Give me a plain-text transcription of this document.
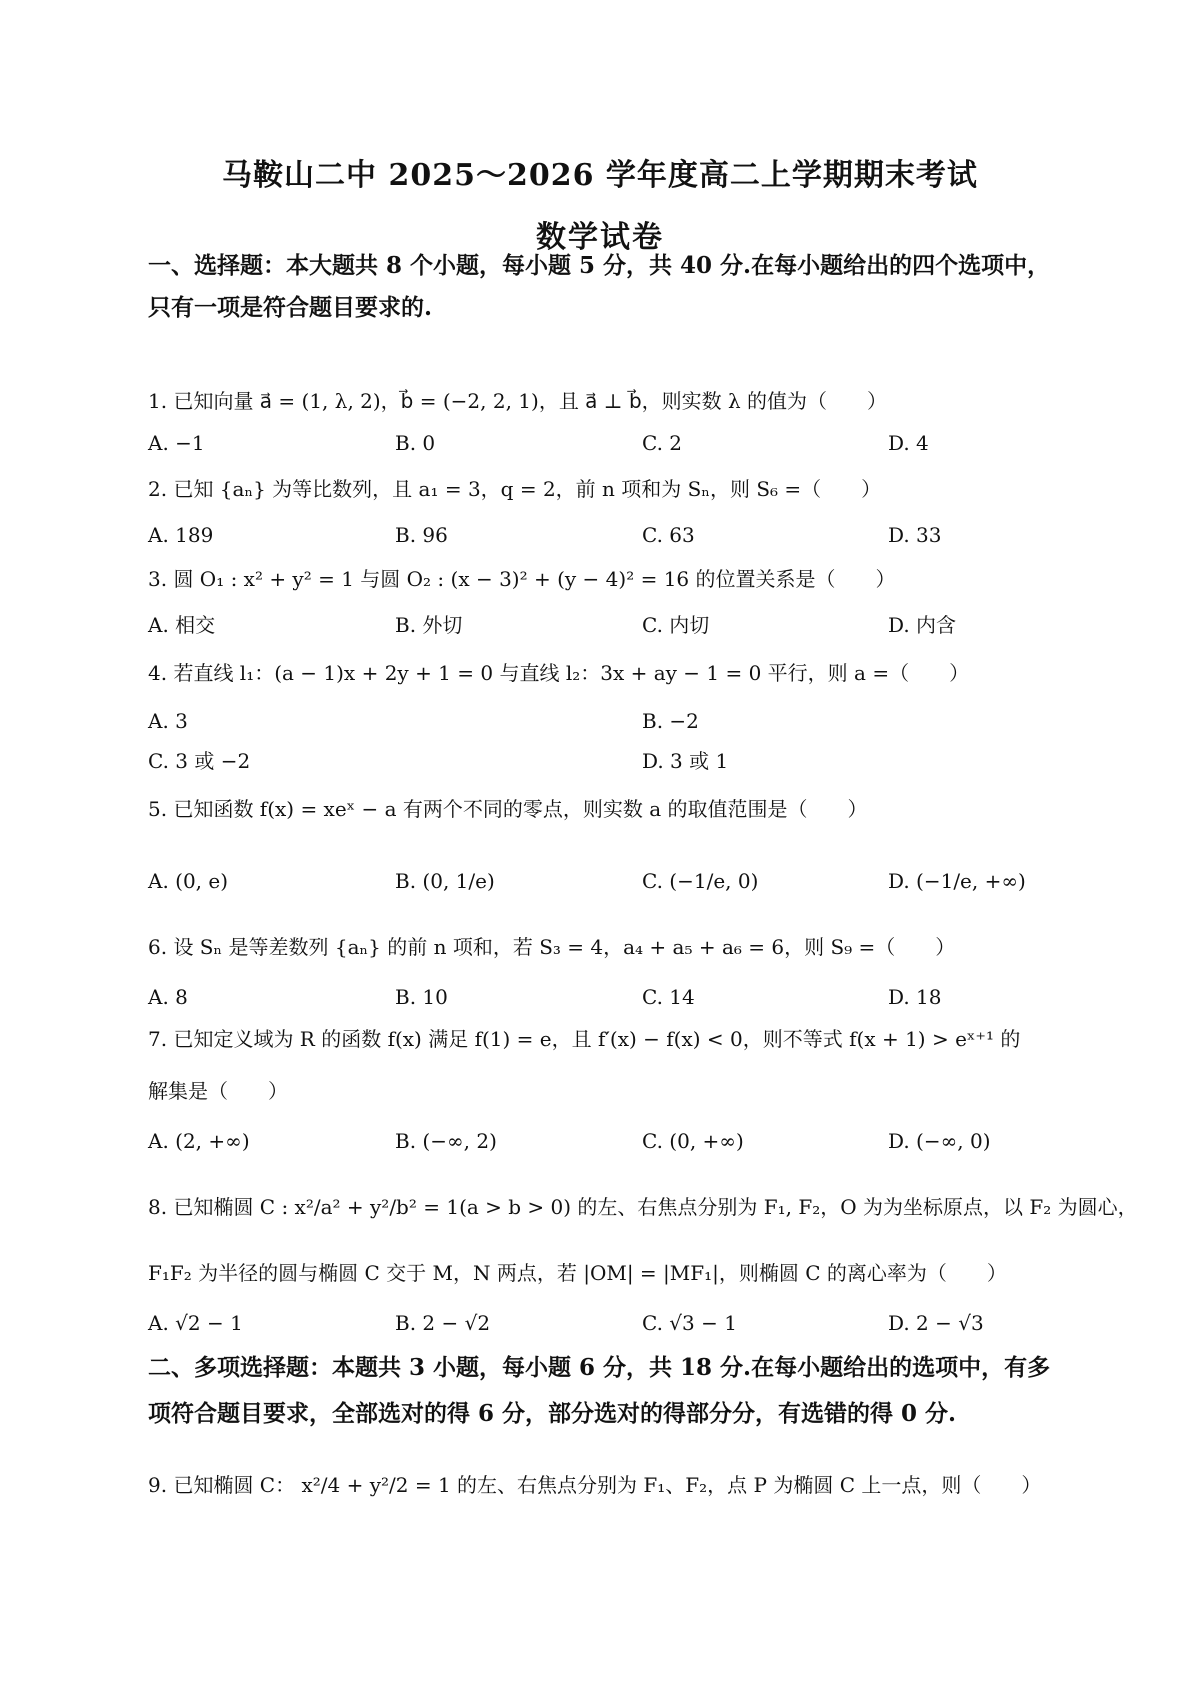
马鞍山二中 2025～2026 学年度高二上学期期末考试
数学试卷
一、选择题：本大题共 8 个小题，每小题 5 分，共 40 分.在每小题给出的四个选项中，
只有一项是符合题目要求的.
1. 已知向量 a⃗ = (1, λ, 2)，b⃗ = (−2, 2, 1)，且 a⃗ ⊥ b⃗，则实数 λ 的值为（　　）
A. −1	B. 0	C. 2	D. 4
2. 已知 {aₙ} 为等比数列，且 a₁ = 3，q = 2，前 n 项和为 Sₙ，则 S₆ =（　　）
A. 189	B. 96	C. 63	D. 33
3. 圆 O₁ : x² + y² = 1 与圆 O₂ : (x − 3)² + (y − 4)² = 16 的位置关系是（　　）
A. 相交	B. 外切	C. 内切	D. 内含
4. 若直线 l₁：(a − 1)x + 2y + 1 = 0 与直线 l₂：3x + ay − 1 = 0 平行，则 a =（　　）
A. 3	B. −2
C. 3 或 −2	D. 3 或 1
5. 已知函数 f(x) = xeˣ − a 有两个不同的零点，则实数 a 的取值范围是（　　）
A. (0, e)	B. (0, 1/e)	C. (−1/e, 0)	D. (−1/e, +∞)
6. 设 Sₙ 是等差数列 {aₙ} 的前 n 项和，若 S₃ = 4，a₄ + a₅ + a₆ = 6，则 S₉ =（　　）
A. 8	B. 10	C. 14	D. 18
7. 已知定义域为 R 的函数 f(x) 满足 f(1) = e，且 f′(x) − f(x) < 0，则不等式 f(x + 1) > eˣ⁺¹ 的
解集是（　　）
A. (2, +∞)	B. (−∞, 2)	C. (0, +∞)	D. (−∞, 0)
8. 已知椭圆 C : x²/a² + y²/b² = 1(a > b > 0) 的左、右焦点分别为 F₁, F₂，O 为为坐标原点，以 F₂ 为圆心，
F₁F₂ 为半径的圆与椭圆 C 交于 M，N 两点，若 |OM| = |MF₁|，则椭圆 C 的离心率为（　　）
A. √2 − 1	B. 2 − √2	C. √3 − 1	D. 2 − √3
二、多项选择题：本题共 3 小题，每小题 6 分，共 18 分.在每小题给出的选项中，有多
项符合题目要求，全部选对的得 6 分，部分选对的得部分分，有选错的得 0 分.
9. 已知椭圆 C： x²/4 + y²/2 = 1 的左、右焦点分别为 F₁、F₂，点 P 为椭圆 C 上一点，则（　　）
